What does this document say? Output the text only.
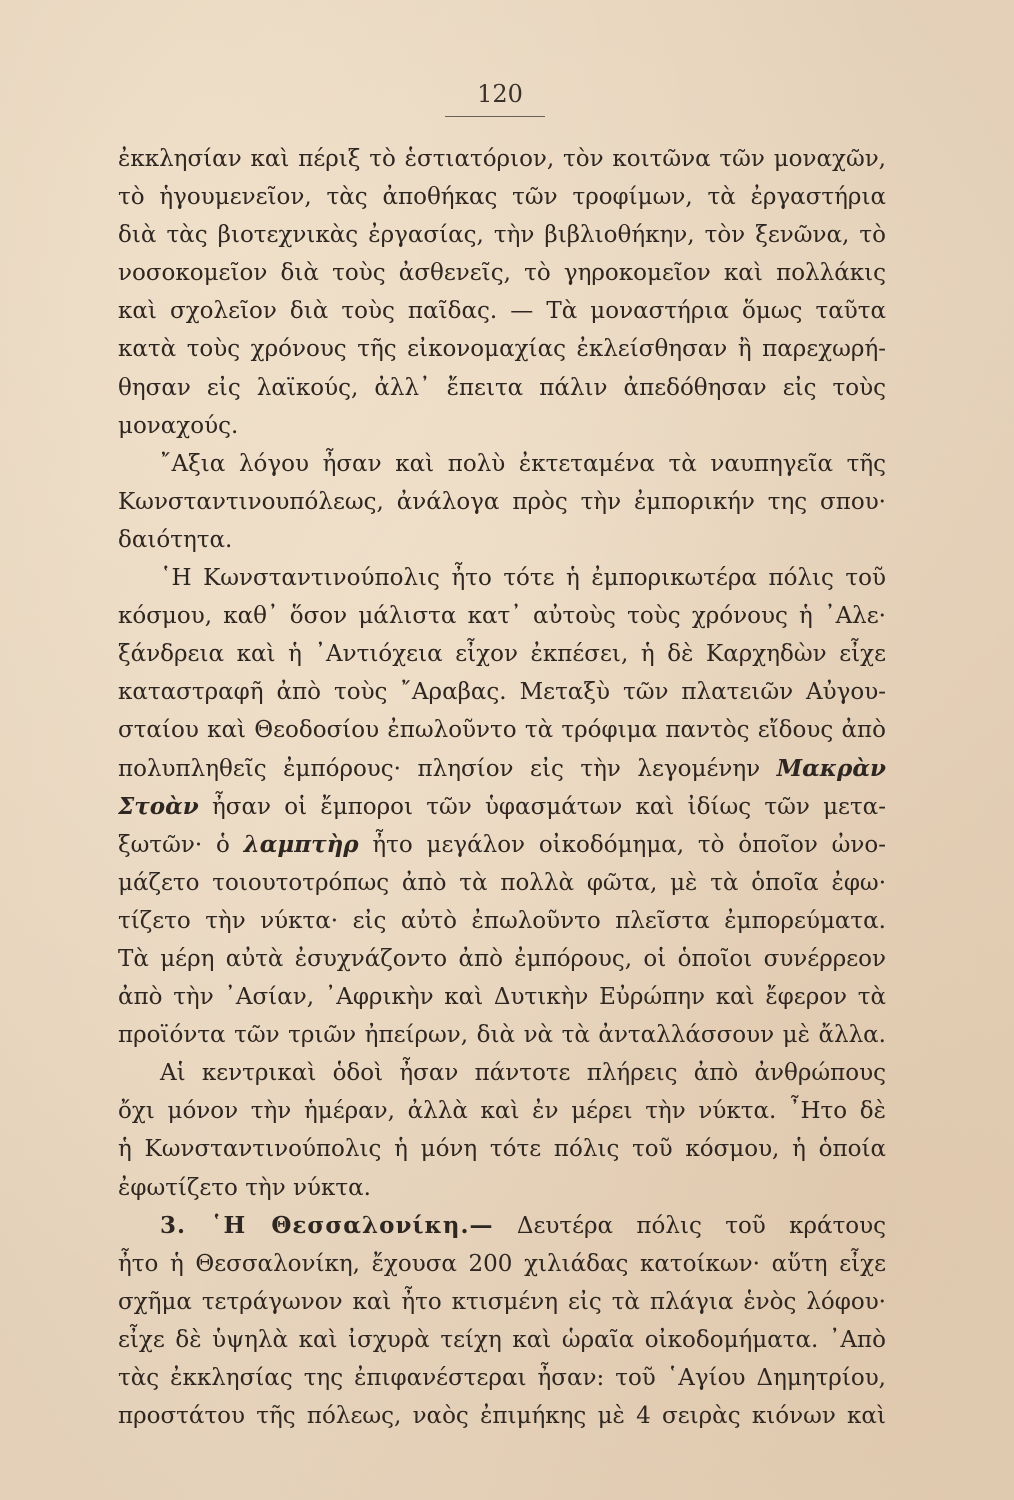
120
ἐκκλησίαν καὶ πέριξ τὸ ἑστιατόριον, τὸν κοιτῶνα τῶν μοναχῶν,
τὸ ἡγουμενεῖον, τὰς ἀποθήκας τῶν τροφίμων, τὰ ἐργαστήρια
διὰ τὰς βιοτεχνικὰς ἐργασίας, τὴν βιβλιοθήκην, τὸν ξενῶνα, τὸ
νοσοκομεῖον διὰ τοὺς ἀσθενεῖς, τὸ γηροκομεῖον καὶ πολλάκις
καὶ σχολεῖον διὰ τοὺς παῖδας. — Τὰ μοναστήρια ὅμως ταῦτα
κατὰ τοὺς χρόνους τῆς εἰκονομαχίας ἐκλείσθησαν ἢ παρεχωρή-
θησαν εἰς λαϊκούς, ἀλλ᾿ ἔπειτα πάλιν ἀπεδόθησαν εἰς τοὺς
μοναχούς.
῎Αξια λόγου ἦσαν καὶ πολὺ ἐκτεταμένα τὰ ναυπηγεῖα τῆς
Κωνσταντινουπόλεως, ἀνάλογα πρὸς τὴν ἐμπορικήν της σπου·
δαιότητα.
῾Η Κωνσταντινούπολις ἦτο τότε ἡ ἐμπορικωτέρα πόλις τοῦ
κόσμου, καθ᾿ ὅσον μάλιστα κατ᾿ αὐτοὺς τοὺς χρόνους ἡ ᾿Αλε·
ξάνδρεια καὶ ἡ ᾿Αντιόχεια εἶχον ἐκπέσει, ἡ δὲ Καρχηδὼν εἶχε
καταστραφῆ ἀπὸ τοὺς ῎Αραβας. Μεταξὺ τῶν πλατειῶν Αὐγου-
σταίου καὶ Θεοδοσίου ἐπωλοῦντο τὰ τρόφιμα παντὸς εἴδους ἀπὸ
πολυπληθεῖς ἐμπόρους· πλησίον εἰς τὴν λεγομένην Μακρὰν
Στοὰν ἦσαν οἱ ἔμποροι τῶν ὑφασμάτων καὶ ἰδίως τῶν μετα-
ξωτῶν· ὁ λαμπτὴρ ἦτο μεγάλον οἰκοδόμημα, τὸ ὁποῖον ὠνο-
μάζετο τοιουτοτρόπως ἀπὸ τὰ πολλὰ φῶτα, μὲ τὰ ὁποῖα ἐφω·
τίζετο τὴν νύκτα· εἰς αὐτὸ ἐπωλοῦντο πλεῖστα ἐμπορεύματα.
Τὰ μέρη αὐτὰ ἐσυχνάζοντο ἀπὸ ἐμπόρους, οἱ ὁποῖοι συνέρρεον
ἀπὸ τὴν ᾿Ασίαν, ᾿Αφρικὴν καὶ Δυτικὴν Εὐρώπην καὶ ἔφερον τὰ
προϊόντα τῶν τριῶν ἠπείρων, διὰ νὰ τὰ ἀνταλλάσσουν μὲ ἄλλα.
Αἱ κεντρικαὶ ὁδοὶ ἦσαν πάντοτε πλήρεις ἀπὸ ἀνθρώπους
ὄχι μόνον τὴν ἡμέραν, ἀλλὰ καὶ ἐν μέρει τὴν νύκτα. ῏Ητο δὲ
ἡ Κωνσταντινούπολις ἡ μόνη τότε πόλις τοῦ κόσμου, ἡ ὁποία
ἐφωτίζετο τὴν νύκτα.
3. ῾Η Θεσσαλονίκη.— Δευτέρα πόλις τοῦ κράτους
ἦτο ἡ Θεσσαλονίκη, ἔχουσα 200 χιλιάδας κατοίκων· αὕτη εἶχε
σχῆμα τετράγωνον καὶ ἦτο κτισμένη εἰς τὰ πλάγια ἑνὸς λόφου·
εἶχε δὲ ὑψηλὰ καὶ ἰσχυρὰ τείχη καὶ ὡραῖα οἰκοδομήματα. ᾿Απὸ
τὰς ἐκκλησίας της ἐπιφανέστεραι ἦσαν: τοῦ ῾Αγίου Δημητρίου,
προστάτου τῆς πόλεως, ναὸς ἐπιμήκης μὲ 4 σειρὰς κιόνων καὶ
